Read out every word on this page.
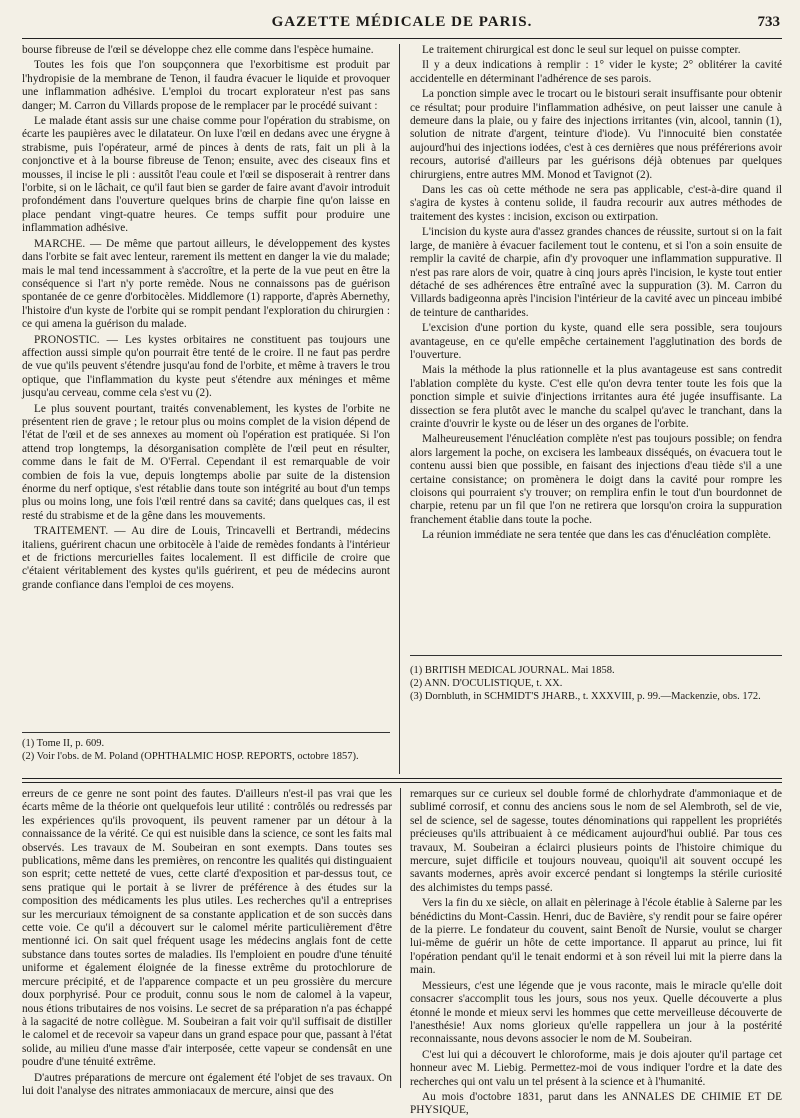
GAZETTE MÉDICALE DE PARIS.	733

bourse fibreuse de l'œil se développe chez elle comme dans l'espèce humaine.

Toutes les fois que l'on soupçonnera que l'exorbitisme est produit par l'hydropisie de la membrane de Tenon, il faudra évacuer le liquide et provoquer une inflammation adhésive. L'emploi du trocart explorateur n'est pas sans danger; M. Carron du Villards propose de le remplacer par le procédé suivant :

Le malade étant assis sur une chaise comme pour l'opération du strabisme, on écarte les paupières avec le dilatateur. On luxe l'œil en dedans avec une érygne à strabisme, puis l'opérateur, armé de pinces à dents de rats, fait un pli à la conjonctive et à la bourse fibreuse de Tenon; ensuite, avec des ciseaux fins et mousses, il incise le pli : aussitôt l'eau coule et l'œil se disposerait à rentrer dans l'orbite, si on le lâchait, ce qu'il faut bien se garder de faire avant d'avoir introduit profondément dans l'ouverture quelques brins de charpie fine qu'on laisse en place pendant vingt-quatre heures. Ce temps suffit pour produire une inflammation adhésive.

MARCHE. — De même que partout ailleurs, le développement des kystes dans l'orbite se fait avec lenteur, rarement ils mettent en danger la vie du malade; mais le mal tend incessamment à s'accroître, et la perte de la vue peut en être la conséquence si l'art n'y porte remède. Nous ne connaissons pas de guérison spontanée de ce genre d'orbitocèles. Middlemore (1) rapporte, d'après Abernethy, l'histoire d'un kyste de l'orbite qui se rompit pendant l'exploration du chirurgien : ce qui amena la guérison du malade.

PRONOSTIC. — Les kystes orbitaires ne constituent pas toujours une affection aussi simple qu'on pourrait être tenté de le croire. Il ne faut pas perdre de vue qu'ils peuvent s'étendre jusqu'au fond de l'orbite, et même à travers le trou optique, que l'inflammation du kyste peut s'étendre aux méninges et même jusqu'au cerveau, comme cela s'est vu (2).

Le plus souvent pourtant, traités convenablement, les kystes de l'orbite ne présentent rien de grave ; le retour plus ou moins complet de la vision dépend de l'état de l'œil et de ses annexes au moment où l'opération est pratiquée. Si l'on attend trop longtemps, la désorganisation complète de l'œil peut en résulter, comme dans le fait de M. O'Ferral. Cependant il est remarquable de voir combien de fois la vue, depuis longtemps abolie par suite de la distension énorme du nerf optique, s'est rétablie dans toute son intégrité au bout d'un temps plus ou moins long, une fois l'œil rentré dans sa cavité; dans quelques cas, il est resté du strabisme et de la gêne dans les mouvements.

TRAITEMENT. — Au dire de Louis, Trincavelli et Bertrandi, médecins italiens, guérirent chacun une orbitocèle à l'aide de remèdes fondants à l'intérieur et de frictions mercurielles faites localement. Il est difficile de croire que c'étaient véritablement des kystes qu'ils guérirent, et peu de médecins auront grande confiance dans l'emploi de ces moyens.

(1) Tome II, p. 609.
(2) Voir l'obs. de M. Poland (OPHTHALMIC HOSP. REPORTS, octobre 1857).

Le traitement chirurgical est donc le seul sur lequel on puisse compter.

Il y a deux indications à remplir : 1° vider le kyste; 2° oblitérer la cavité accidentelle en déterminant l'adhérence de ses parois.

La ponction simple avec le trocart ou le bistouri serait insuffisante pour obtenir ce résultat; pour produire l'inflammation adhésive, on peut laisser une canule à demeure dans la plaie, ou y faire des injections irritantes (vin, alcool, tannin (1), solution de nitrate d'argent, teinture d'iode). Vu l'innocuité bien constatée aujourd'hui des injections iodées, c'est à ces dernières que nous préférerions avoir recours, autorisé d'ailleurs par les guérisons déjà obtenues par quelques chirurgiens, entre autres MM. Monod et Tavignot (2).

Dans les cas où cette méthode ne sera pas applicable, c'est-à-dire quand il s'agira de kystes à contenu solide, il faudra recourir aux autres méthodes de traitement des kystes : incision, excison ou extirpation.

L'incision du kyste aura d'assez grandes chances de réussite, surtout si on la fait large, de manière à évacuer facilement tout le contenu, et si l'on a soin ensuite de remplir la cavité de charpie, afin d'y provoquer une inflammation suppurative. Il n'est pas rare alors de voir, quatre à cinq jours après l'incision, le kyste tout entier détaché de ses adhérences être entraîné avec la suppuration (3). M. Carron du Villards badigeonna après l'incision l'intérieur de la cavité avec un pinceau imbibé de teinture de cantharides.

L'excision d'une portion du kyste, quand elle sera possible, sera toujours avantageuse, en ce qu'elle empêche certainement l'agglutination des bords de l'ouverture.

Mais la méthode la plus rationnelle et la plus avantageuse est sans contredit l'ablation complète du kyste. C'est elle qu'on devra tenter toute les fois que la ponction simple et suivie d'injections irritantes aura été jugée insuffisante. La dissection se fera plutôt avec le manche du scalpel qu'avec le tranchant, dans la crainte d'ouvrir le kyste ou de léser un des organes de l'orbite.

Malheureusement l'énucléation complète n'est pas toujours possible; on fendra alors largement la poche, on excisera les lambeaux disséqués, on évacuera tout le contenu aussi bien que possible, en faisant des injections d'eau tiède s'il a une certaine consistance; on promènera le doigt dans la cavité pour rompre les cloisons qui pourraient s'y trouver; on remplira enfin le tout d'un bourdonnet de charpie, retenu par un fil que l'on ne retirera que lorsqu'on croira la suppuration franchement établie dans toute la poche.

La réunion immédiate ne sera tentée que dans les cas d'énucléation complète.

(1) BRITISH MEDICAL JOURNAL. Mai 1858.
(2) ANN. D'OCULISTIQUE, t. XX.
(3) Dornbluth, in SCHMIDT'S JHARB., t. XXXVIII, p. 99.—Mackenzie, obs. 172.

erreurs de ce genre ne sont point des fautes. D'ailleurs n'est-il pas vrai que les écarts même de la théorie ont quelquefois leur utilité : contrôlés ou redressés par les expériences qu'ils provoquent, ils peuvent ramener par un détour à la connaissance de la vérité. Ce qui est nuisible dans la science, ce sont les faits mal observés. Les travaux de M. Soubeiran en sont exempts. Dans toutes ses publications, même dans les premières, on rencontre les qualités qui distinguaient son esprit; cette netteté de vues, cette clarté d'exposition et par-dessus tout, ce sens pratique qui le portait à se livrer de préférence à des études sur la composition des médicaments les plus utiles. Les recherches qu'il a entreprises sur les mercuriaux témoignent de sa constante application et de son succès dans cette voie. Ce qu'il a découvert sur le calomel mérite particulièrement d'être mentionné ici. On sait quel fréquent usage les médecins anglais font de cette substance dans toutes sortes de maladies. Ils l'emploient en poudre d'une ténuité uniforme et également éloignée de la finesse extrême du protochlorure de mercure précipité, et de l'apparence compacte et un peu grossière du mercure doux porphyrisé. Pour ce produit, connu sous le nom de calomel à la vapeur, nous étions tributaires de nos voisins. Le secret de sa préparation n'a pas échappé à la sagacité de notre collègue. M. Soubeiran a fait voir qu'il suffisait de distiller le calomel et de recevoir sa vapeur dans un grand espace pour que, passant à l'état solide, au milieu d'une masse d'air interposée, cette vapeur se condensât en une poudre d'une ténuité extrême.

D'autres préparations de mercure ont également été l'objet de ses travaux. On lui doit l'analyse des nitrates ammoniacaux de mercure, ainsi que des

remarques sur ce curieux sel double formé de chlorhydrate d'ammoniaque et de sublimé corrosif, et connu des anciens sous le nom de sel Alembroth, sel de vie, sel de science, sel de sagesse, toutes dénominations qui rappellent les propriétés précieuses qu'ils attribuaient à ce médicament aujourd'hui oublié. Par tous ces travaux, M. Soubeiran a éclairci plusieurs points de l'histoire chimique du mercure, sujet difficile et toujours nouveau, quoiqu'il ait souvent occupé les savants modernes, après avoir excercé pendant si longtemps la stérile curiosité des alchimistes du temps passé.

Vers la fin du xe siècle, on allait en pèlerinage à l'école établie à Salerne par les bénédictins du Mont-Cassin. Henri, duc de Bavière, s'y rendit pour se faire opérer de la pierre. Le fondateur du couvent, saint Benoît de Nursie, voulut se charger lui-même de guérir un hôte de cette importance. Il apparut au prince, lui fit l'opération pendant qu'il le tenait endormi et à son réveil lui mit la pierre dans la main.

Messieurs, c'est une légende que je vous raconte, mais le miracle qu'elle doit consacrer s'accomplit tous les jours, sous nos yeux. Quelle découverte a plus étonné le monde et mieux servi les hommes que cette merveilleuse découverte de l'anesthésie! Aux noms glorieux qu'elle rappellera un jour à la postérité reconnaissante, nous devons associer le nom de M. Soubeiran.

C'est lui qui a découvert le chloroforme, mais je dois ajouter qu'il partage cet honneur avec M. Liebig. Permettez-moi de vous indiquer l'ordre et la date des recherches qui ont valu un tel présent à la science et à l'humanité.

Au mois d'octobre 1831, parut dans les ANNALES DE CHIMIE ET DE PHYSIQUE,
